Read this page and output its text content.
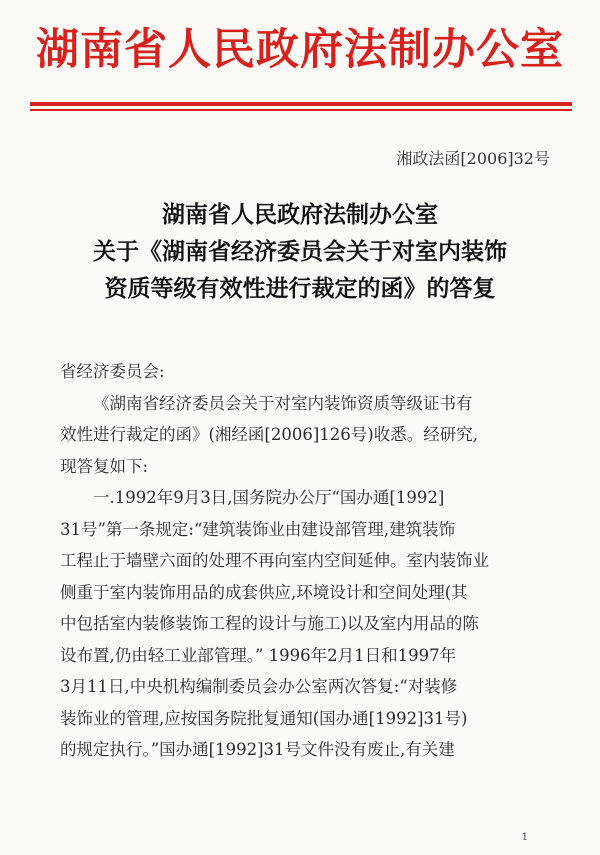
湖南省人民政府法制办公室
湘政法函[2006]32号
湖南省人民政府法制办公室
关于《湖南省经济委员会关于对室内装饰
资质等级有效性进行裁定的函》的答复

省经济委员会:

《湖南省经济委员会关于对室内装饰资质等级证书有

效性进行裁定的函》(湘经函[2006]126号)收悉。经研究,

现答复如下:

一.1992年9月3日,国务院办公厅“国办通[1992]

31号”第一条规定:“建筑装饰业由建设部管理,建筑装饰

工程止于墙壁六面的处理不再向室内空间延伸。室内装饰业

侧重于室内装饰用品的成套供应,环境设计和空间处理(其

中包括室内装修装饰工程的设计与施工)以及室内用品的陈

设布置,仍由轻工业部管理。” 1996年2月1日和1997年

3月11日,中央机构编制委员会办公室两次答复:“对装修

装饰业的管理,应按国务院批复通知(国办通[1992]31号)

的规定执行。”国办通[1992]31号文件没有废止,有关建

1
